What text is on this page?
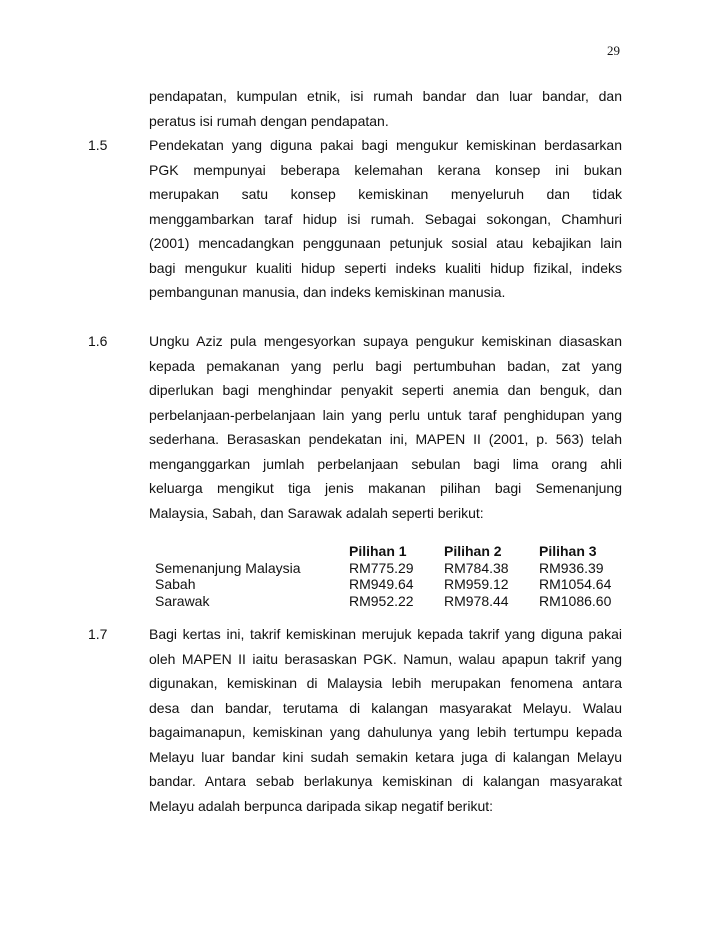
29
pendapatan, kumpulan etnik, isi rumah bandar dan luar bandar, dan
peratus isi rumah dengan pendapatan.
1.5	Pendekatan yang diguna pakai bagi mengukur kemiskinan berdasarkan
PGK mempunyai beberapa kelemahan kerana konsep ini bukan
merupakan satu konsep kemiskinan menyeluruh dan tidak
menggambarkan taraf hidup isi rumah. Sebagai sokongan, Chamhuri
(2001) mencadangkan penggunaan petunjuk sosial atau kebajikan lain
bagi mengukur kualiti hidup seperti indeks kualiti hidup fizikal, indeks
pembangunan manusia, dan indeks kemiskinan manusia.
1.6	Ungku Aziz pula mengesyorkan supaya pengukur kemiskinan diasaskan
kepada pemakanan yang perlu bagi pertumbuhan badan, zat yang
diperlukan bagi menghindar penyakit seperti anemia dan benguk, dan
perbelanjaan-perbelanjaan lain yang perlu untuk taraf penghidupan yang
sederhana. Berasaskan pendekatan ini, MAPEN II (2001, p. 563) telah
menganggarkan jumlah perbelanjaan sebulan bagi lima orang ahli
keluarga mengikut tiga jenis makanan pilihan bagi Semenanjung
Malaysia, Sabah, dan Sarawak adalah seperti berikut:
	Pilihan 1	Pilihan 2	Pilihan 3
Semenanjung Malaysia	RM775.29	RM784.38	RM936.39
Sabah	RM949.64	RM959.12	RM1054.64
Sarawak	RM952.22	RM978.44	RM1086.60
1.7	Bagi kertas ini, takrif kemiskinan merujuk kepada takrif yang diguna pakai
oleh MAPEN II iaitu berasaskan PGK. Namun, walau apapun takrif yang
digunakan, kemiskinan di Malaysia lebih merupakan fenomena antara
desa dan bandar, terutama di kalangan masyarakat Melayu. Walau
bagaimanapun, kemiskinan yang dahulunya yang lebih tertumpu kepada
Melayu luar bandar kini sudah semakin ketara juga di kalangan Melayu
bandar. Antara sebab berlakunya kemiskinan di kalangan masyarakat
Melayu adalah berpunca daripada sikap negatif berikut:
